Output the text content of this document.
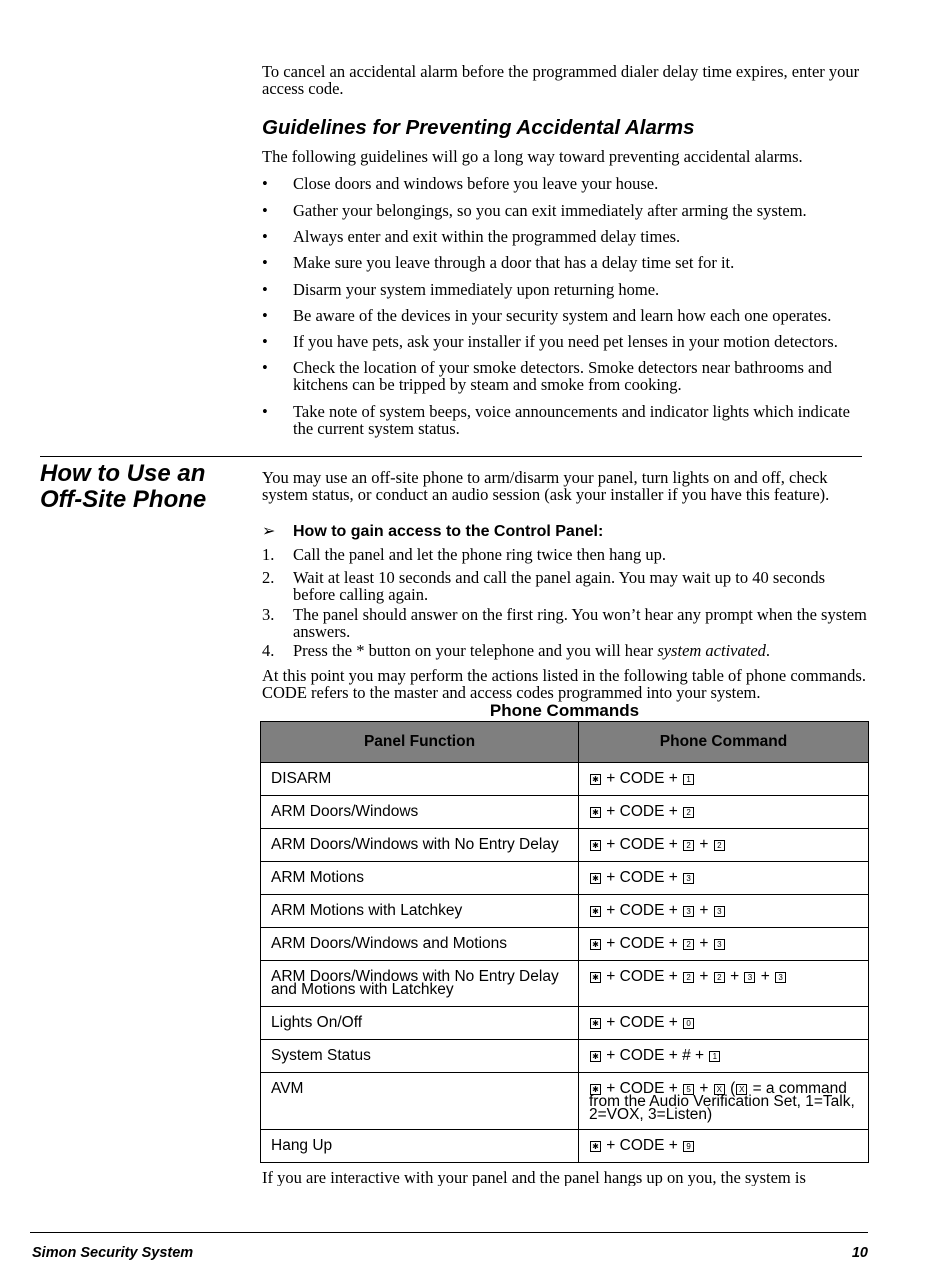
To cancel an accidental alarm before the programmed dialer delay time expires, enter your access code.
Guidelines for Preventing Accidental Alarms
The following guidelines will go a long way toward preventing accidental alarms.
• Close doors and windows before you leave your house.
• Gather your belongings, so you can exit immediately after arming the system.
• Always enter and exit within the programmed delay times.
• Make sure you leave through a door that has a delay time set for it.
• Disarm your system immediately upon returning home.
• Be aware of the devices in your security system and learn how each one operates.
• If you have pets, ask your installer if you need pet lenses in your motion detectors.
• Check the location of your smoke detectors. Smoke detectors near bathrooms and kitchens can be tripped by steam and smoke from cooking.
• Take note of system beeps, voice announcements and indicator lights which indicate the current system status.
How to Use an
Off-Site Phone
You may use an off-site phone to arm/disarm your panel, turn lights on and off, check system status, or conduct an audio session (ask your installer if you have this feature).
➢ How to gain access to the Control Panel:
1. Call the panel and let the phone ring twice then hang up.
2. Wait at least 10 seconds and call the panel again. You may wait up to 40 seconds before calling again.
3. The panel should answer on the first ring. You won’t hear any prompt when the system answers.
4. Press the * button on your telephone and you will hear system activated.
At this point you may perform the actions listed in the following table of phone commands. CODE refers to the master and access codes programmed into your system.
Phone Commands
Panel Function	Phone Command
DISARM	✱ + CODE + 1
ARM Doors/Windows	✱ + CODE + 2
ARM Doors/Windows with No Entry Delay	✱ + CODE + 2 + 2
ARM Motions	✱ + CODE + 3
ARM Motions with Latchkey	✱ + CODE + 3 + 3
ARM Doors/Windows and Motions	✱ + CODE + 2 + 3
ARM Doors/Windows with No Entry Delay and Motions with Latchkey	✱ + CODE + 2 + 2 + 3 + 3
Lights On/Off	✱ + CODE + 0
System Status	✱ + CODE + # + 1
AVM	✱ + CODE + 5 + X ( X = a command from the Audio Verification Set, 1=Talk, 2=VOX, 3=Listen)
Hang Up	✱ + CODE + 9
If you are interactive with your panel and the panel hangs up on you, the system is
Simon Security System	10
